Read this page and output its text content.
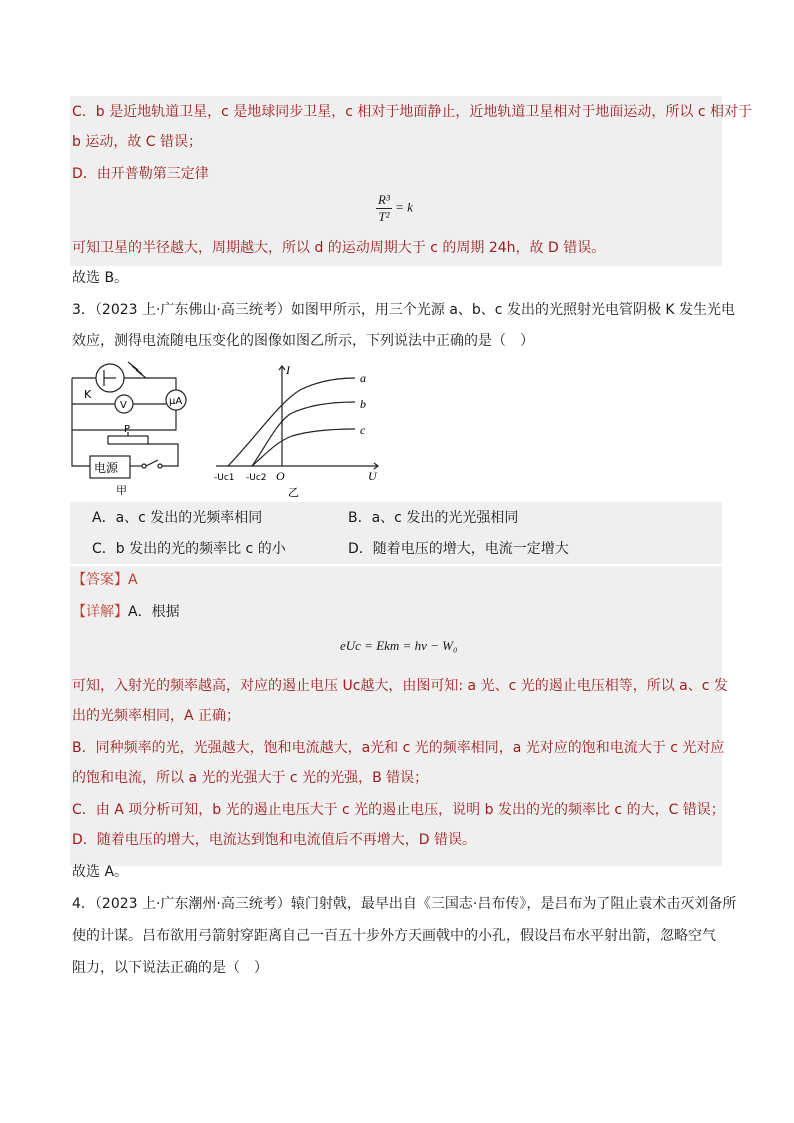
C．b 是近地轨道卫星，c 是地球同步卫星，c 相对于地面静止，近地轨道卫星相对于地面运动，所以 c 相对于
b 运动，故 C 错误；
D．由开普勒第三定律
$\frac{\text{R³}}{\text{T²}} = k$
可知卫星的半径越大，周期越大，所以 d 的运动周期大于 c 的周期 24h，故 D 错误。
故选 B。
3．（2023 上·广东佛山·高三统考）如图甲所示，用三个光源 a、b、c 发出的光照射光电管阴极 K 发生光电
效应，测得电流随电压变化的图像如图乙所示，下列说法中正确的是（　）
K
μA
V
P
电源
甲
I
U
O
-Uc1 -Uc2
a
b
c
乙
A．a、c 发出的光频率相同	B．a、c 发出的光光强相同
C．b 发出的光的频率比 c 的小	D．随着电压的增大，电流一定增大
【答案】A
【详解】A．根据
eUc = Ekm = hν − W₀
可知，入射光的频率越高，对应的遏止电压 Uc越大，由图可知: a 光、c 光的遏止电压相等，所以 a、c 发
出的光频率相同，A 正确；
B．同种频率的光，光强越大，饱和电流越大，a光和 c 光的频率相同，a 光对应的饱和电流大于 c 光对应
的饱和电流，所以 a 光的光强大于 c 光的光强，B 错误；
C．由 A 项分析可知，b 光的遏止电压大于 c 光的遏止电压，说明 b 发出的光的频率比 c 的大，C 错误；
D．随着电压的增大，电流达到饱和电流值后不再增大，D 错误。
故选 A。
4．（2023 上·广东潮州·高三统考）辕门射戟，最早出自《三国志·吕布传》，是吕布为了阻止袁术击灭刘备所
使的计谋。吕布欲用弓箭射穿距离自己一百五十步外方天画戟中的小孔，假设吕布水平射出箭，忽略空气
阻力，以下说法正确的是（　）
